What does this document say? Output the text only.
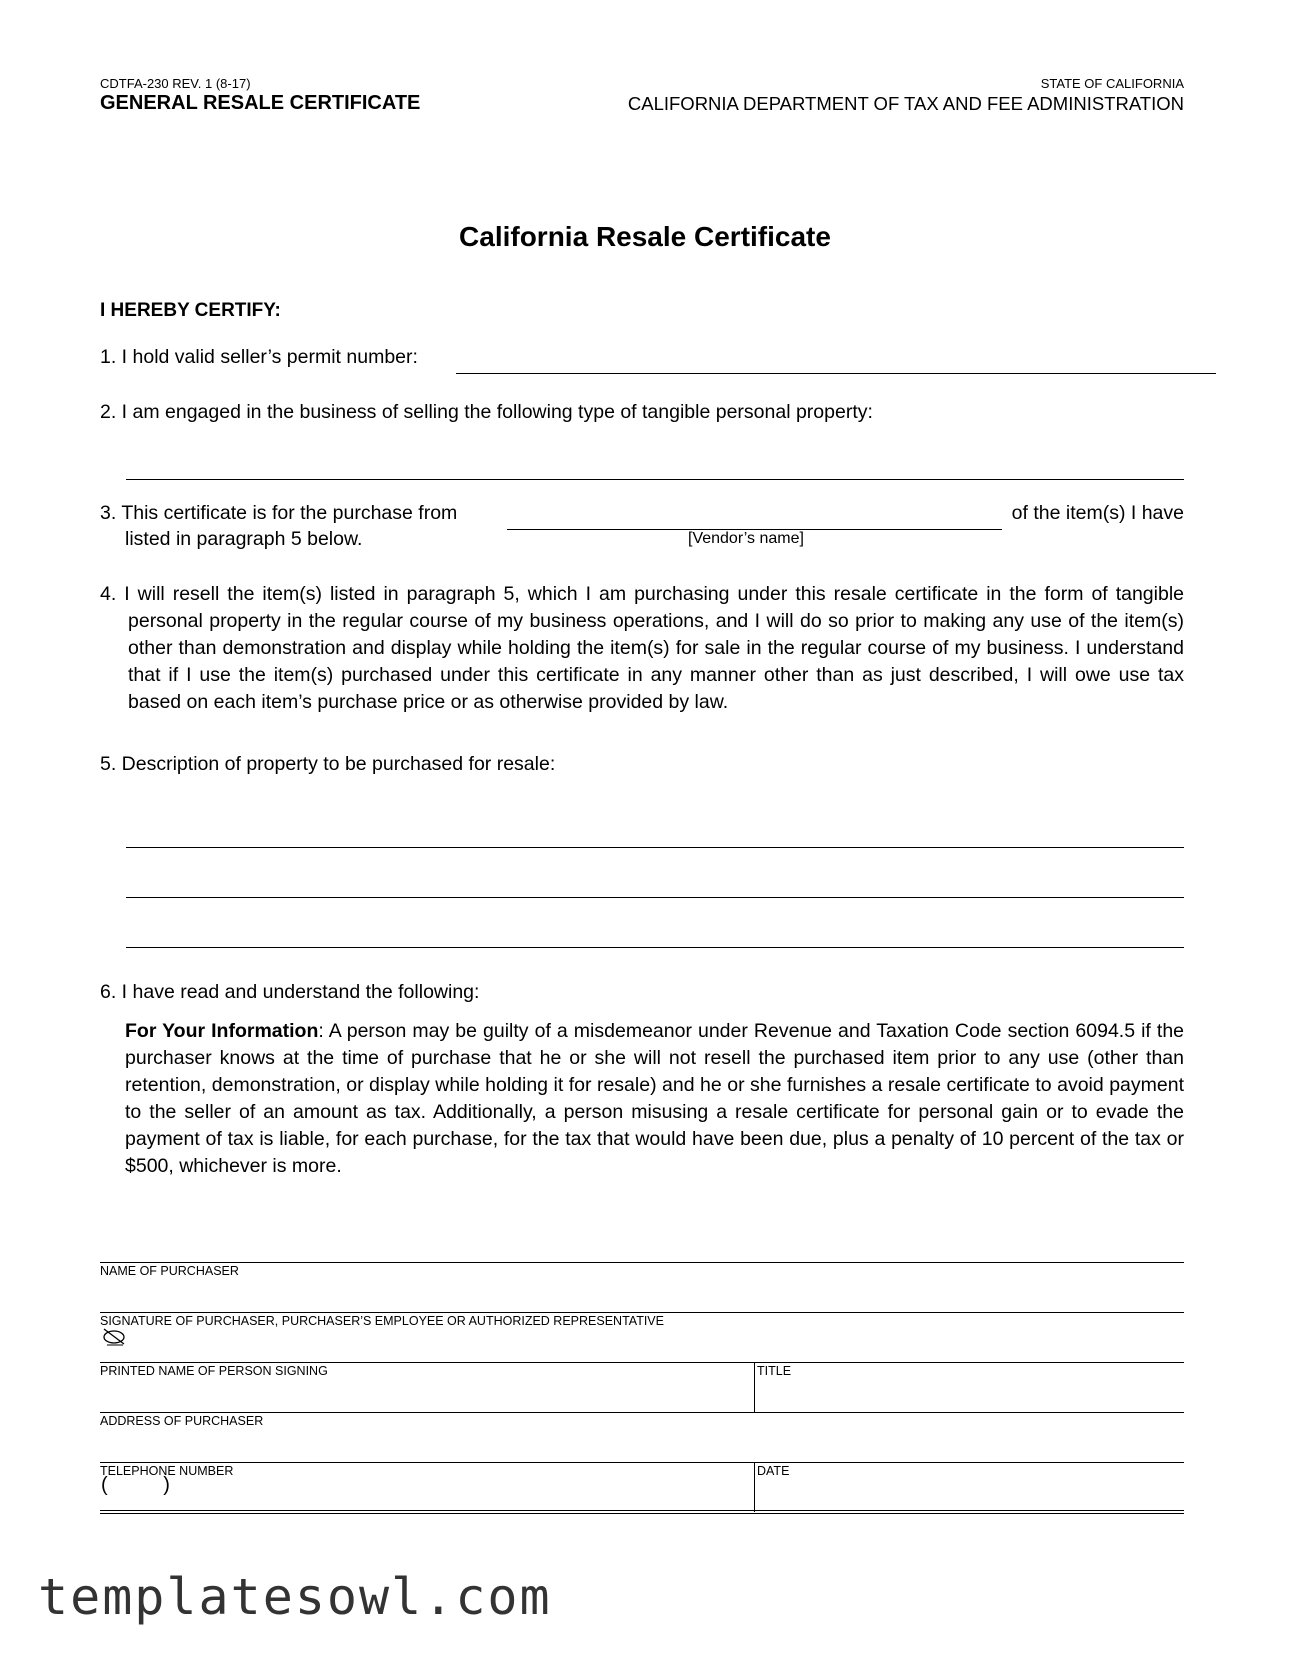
CDTFA-230 REV. 1 (8-17)
GENERAL RESALE CERTIFICATE
STATE OF CALIFORNIA
CALIFORNIA DEPARTMENT OF TAX AND FEE ADMINISTRATION
California Resale Certificate
I HEREBY CERTIFY:
1. I hold valid seller’s permit number:
2. I am engaged in the business of selling the following type of tangible personal property:
3. This certificate is for the purchase from	of the item(s) I have
listed in paragraph 5 below.	[Vendor’s name]
4. I will resell the item(s) listed in paragraph 5, which I am purchasing under this resale certificate in the form of tangible personal property in the regular course of my business operations, and I will do so prior to making any use of the item(s) other than demonstration and display while holding the item(s) for sale in the regular course of my business. I understand that if I use the item(s) purchased under this certificate in any manner other than as just described, I will owe use tax based on each item’s purchase price or as otherwise provided by law.
5. Description of property to be purchased for resale:
6. I have read and understand the following:
For Your Information: A person may be guilty of a misdemeanor under Revenue and Taxation Code section 6094.5 if the purchaser knows at the time of purchase that he or she will not resell the purchased item prior to any use (other than retention, demonstration, or display while holding it for resale) and he or she furnishes a resale certificate to avoid payment to the seller of an amount as tax. Additionally, a person misusing a resale certificate for personal gain or to evade the payment of tax is liable, for each purchase, for the tax that would have been due, plus a penalty of 10 percent of the tax or $500, whichever is more.
NAME OF PURCHASER
SIGNATURE OF PURCHASER, PURCHASER’S EMPLOYEE OR AUTHORIZED REPRESENTATIVE
PRINTED NAME OF PERSON SIGNING	TITLE
ADDRESS OF PURCHASER
TELEPHONE NUMBER	DATE
(          )
templatesowl.com
